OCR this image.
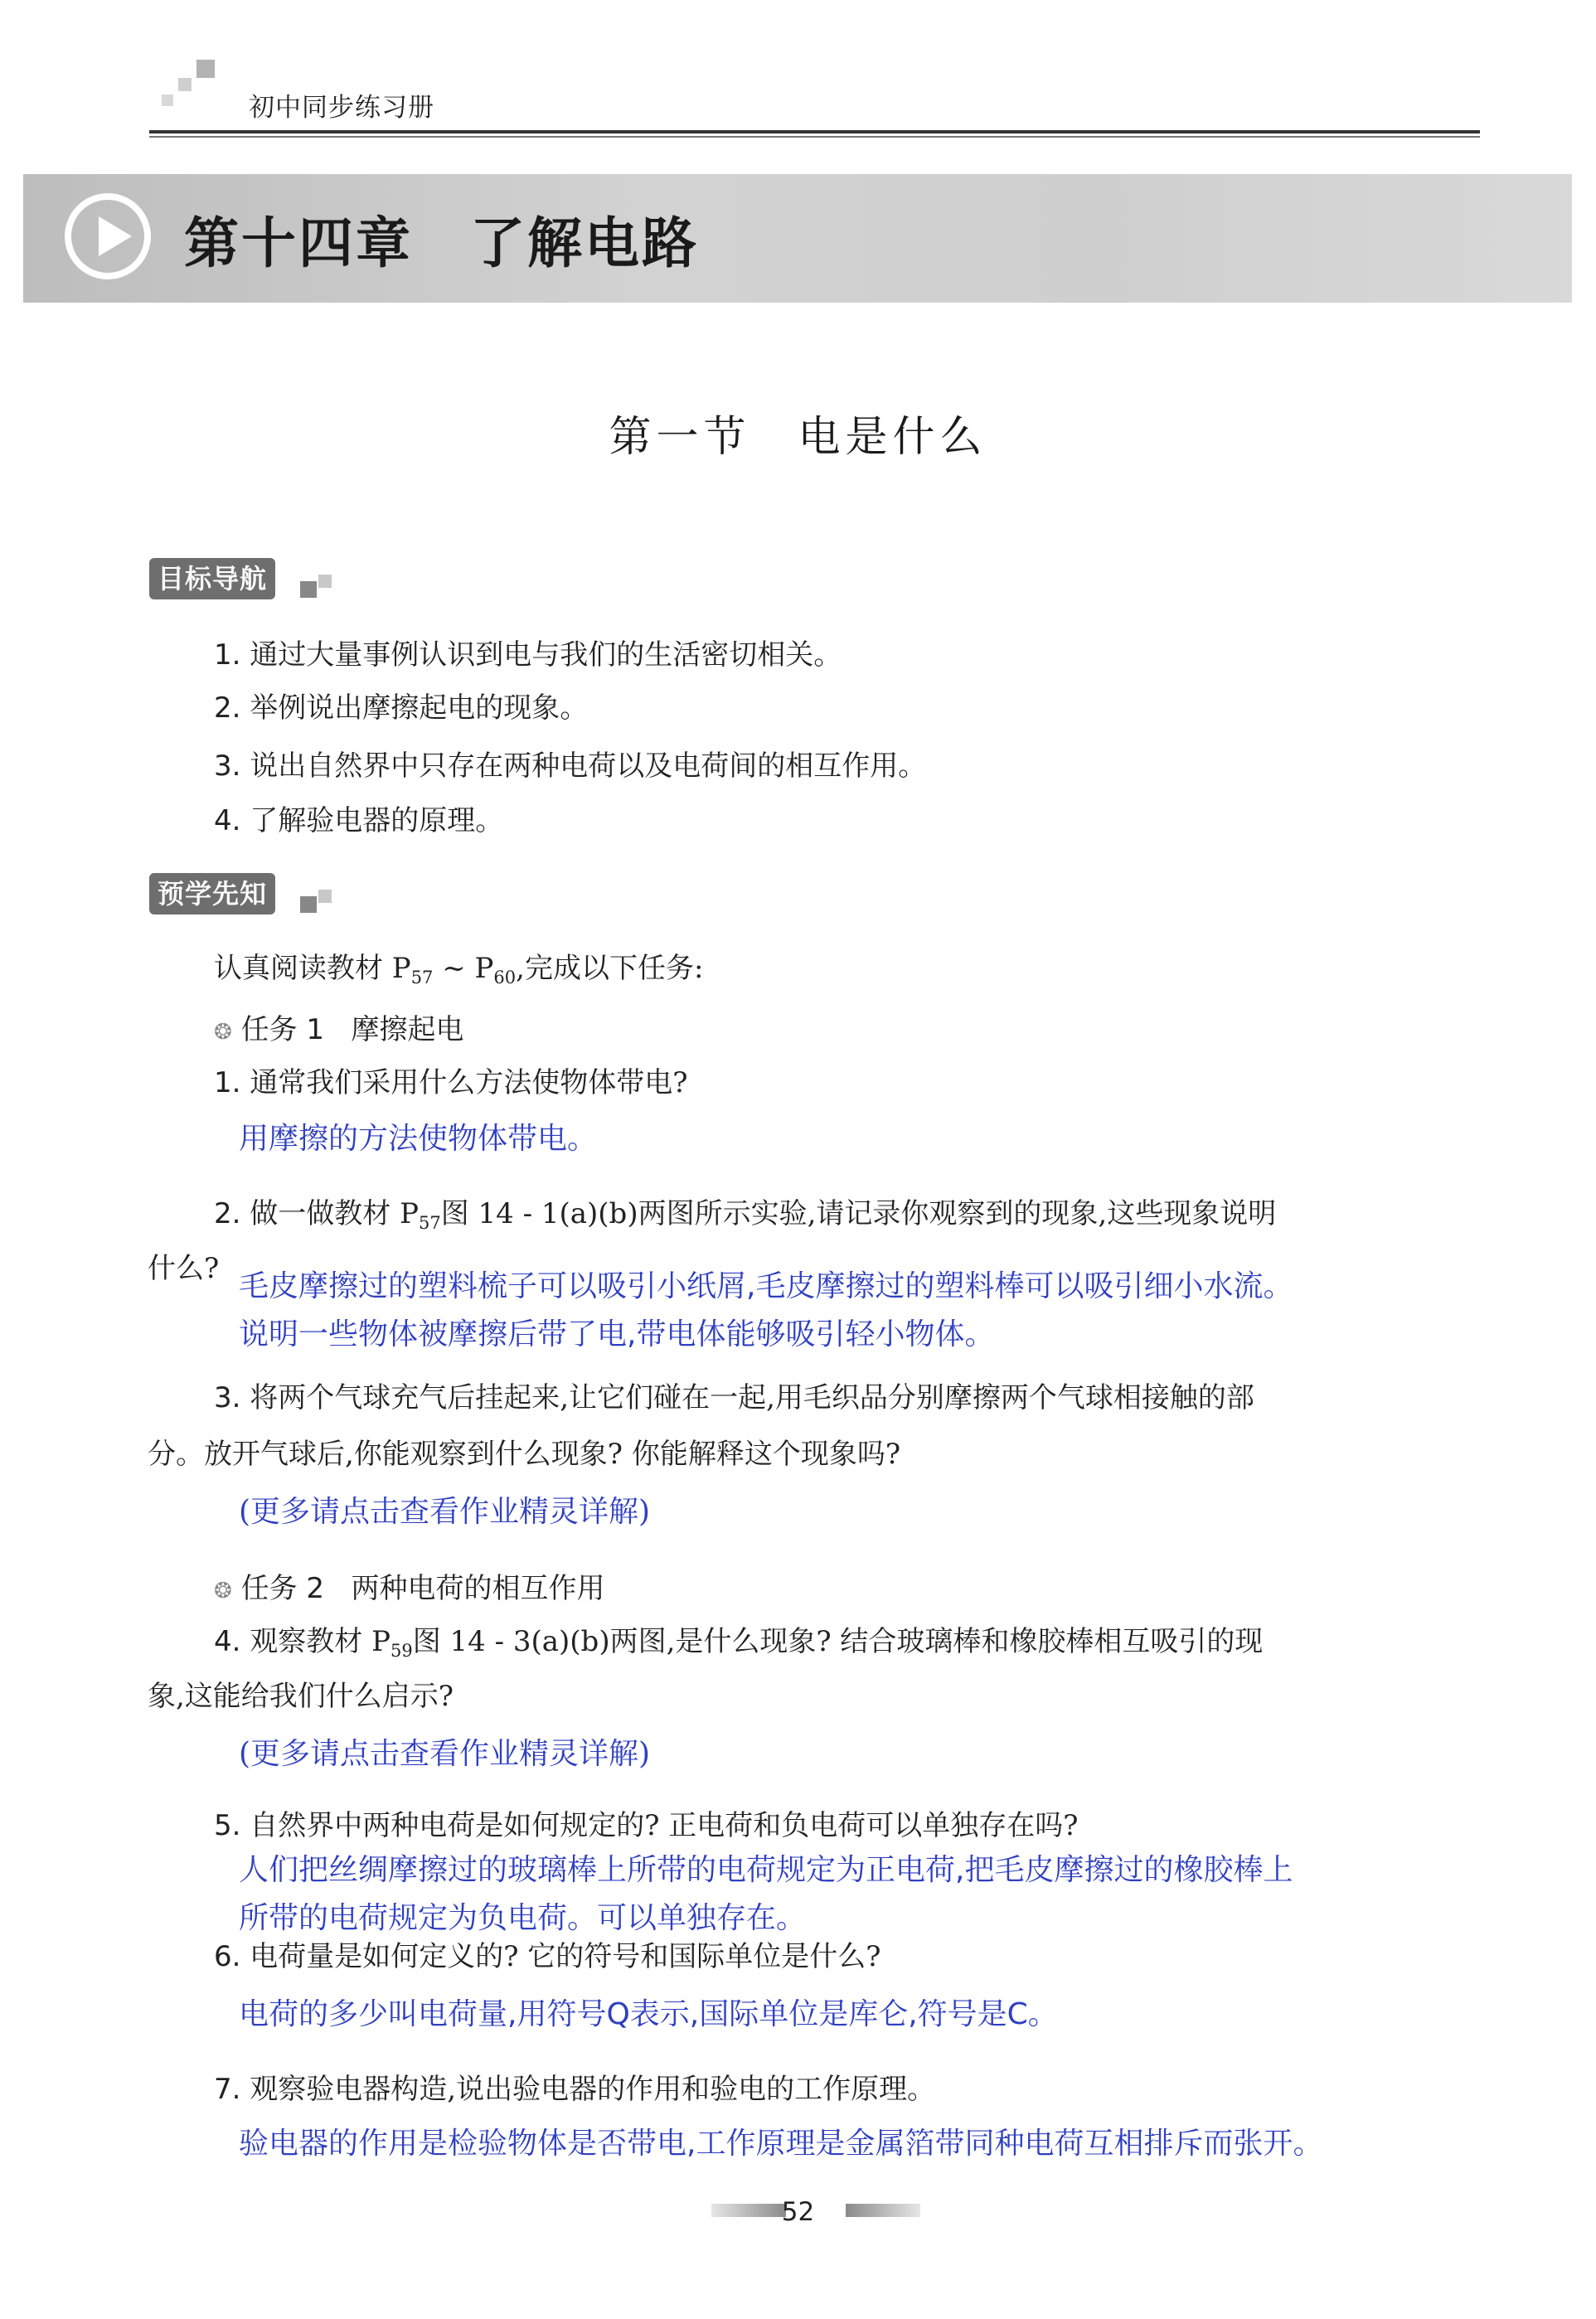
初中同步练习册
第十四章　了解电路
第一节　电是什么
目标导航
1. 通过大量事例认识到电与我们的生活密切相关。
2. 举例说出摩擦起电的现象。
3. 说出自然界中只存在两种电荷以及电荷间的相互作用。
4. 了解验电器的原理。
预学先知
认真阅读教材 $P_{57}$ ~ $P_{60}$,完成以下任务:
❂ 任务 1 摩擦起电
1. 通常我们采用什么方法使物体带电?
用摩擦的方法使物体带电。
2. 做一做教材 $P_{57}$图 14 - 1(a)(b)两图所示实验,请记录你观察到的现象,这些现象说明
什么?
毛皮摩擦过的塑料梳子可以吸引小纸屑,毛皮摩擦过的塑料棒可以吸引细小水流。
说明一些物体被摩擦后带了电,带电体能够吸引轻小物体。
3. 将两个气球充气后挂起来,让它们碰在一起,用毛织品分别摩擦两个气球相接触的部
分。放开气球后,你能观察到什么现象? 你能解释这个现象吗?
(更多请点击查看作业精灵详解)
❂ 任务 2 两种电荷的相互作用
4. 观察教材 $P_{59}$图 14 - 3(a)(b)两图,是什么现象? 结合玻璃棒和橡胶棒相互吸引的现
象,这能给我们什么启示?
(更多请点击查看作业精灵详解)
5. 自然界中两种电荷是如何规定的? 正电荷和负电荷可以单独存在吗?
人们把丝绸摩擦过的玻璃棒上所带的电荷规定为正电荷,把毛皮摩擦过的橡胶棒上
所带的电荷规定为负电荷。可以单独存在。
6. 电荷量是如何定义的? 它的符号和国际单位是什么?
电荷的多少叫电荷量,用符号Q表示,国际单位是库仑,符号是C。
7. 观察验电器构造,说出验电器的作用和验电的工作原理。
验电器的作用是检验物体是否带电,工作原理是金属箔带同种电荷互相排斥而张开。
52
